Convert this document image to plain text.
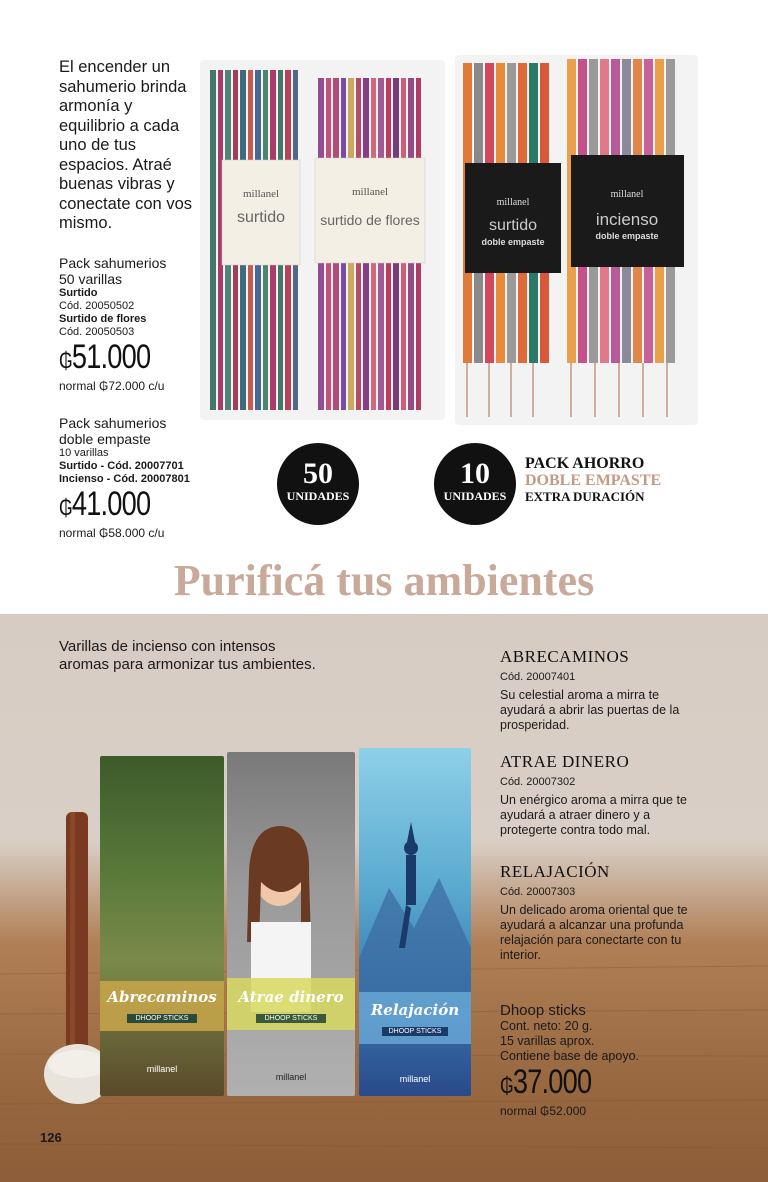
El encender un sahumerio brinda armonía y equilibrio a cada uno de tus espacios. Atraé buenas vibras y conectate con vos mismo.
Pack sahumerios
50 varillas
Surtido
Cód. 20050502
Surtido de flores
Cód. 20050503
₲51.000
normal ₲72.000 c/u
Pack sahumerios
doble empaste
10 varillas
Surtido - Cód. 20007701
Incienso - Cód. 20007801
₲41.000
normal ₲58.000 c/u
millanel
surtido
millanel
surtido de flores
millanel
surtido
doble empaste
millanel
incienso
doble empaste
50
UNIDADES
10
UNIDADES
PACK AHORRO
DOBLE EMPASTE
EXTRA DURACIÓN
Purificá tus ambientes
Varillas de incienso con intensos aromas para armonizar tus ambientes.	ABRECAMINOS
Cód. 20007401
Su celestial aroma a mirra te ayudará a abrir las puertas de la prosperidad.
ATRAE DINERO
Cód. 20007302
Un enérgico aroma a mirra que te ayudará a atraer dinero y a protegerte contra todo mal.
RELAJACIÓN
Cód. 20007303
Un delicado aroma oriental que te ayudará a alcanzar una profunda relajación para conectarte con tu interior.
Dhoop sticks
Cont. neto: 20 g.
15 varillas aprox.
Contiene base de apoyo.
₲37.000
normal ₲52.000
Abrecaminos
DHOOP STICKS
millanel
Atrae dinero
DHOOP STICKS
millanel
Relajación
DHOOP STICKS
millanel
126
